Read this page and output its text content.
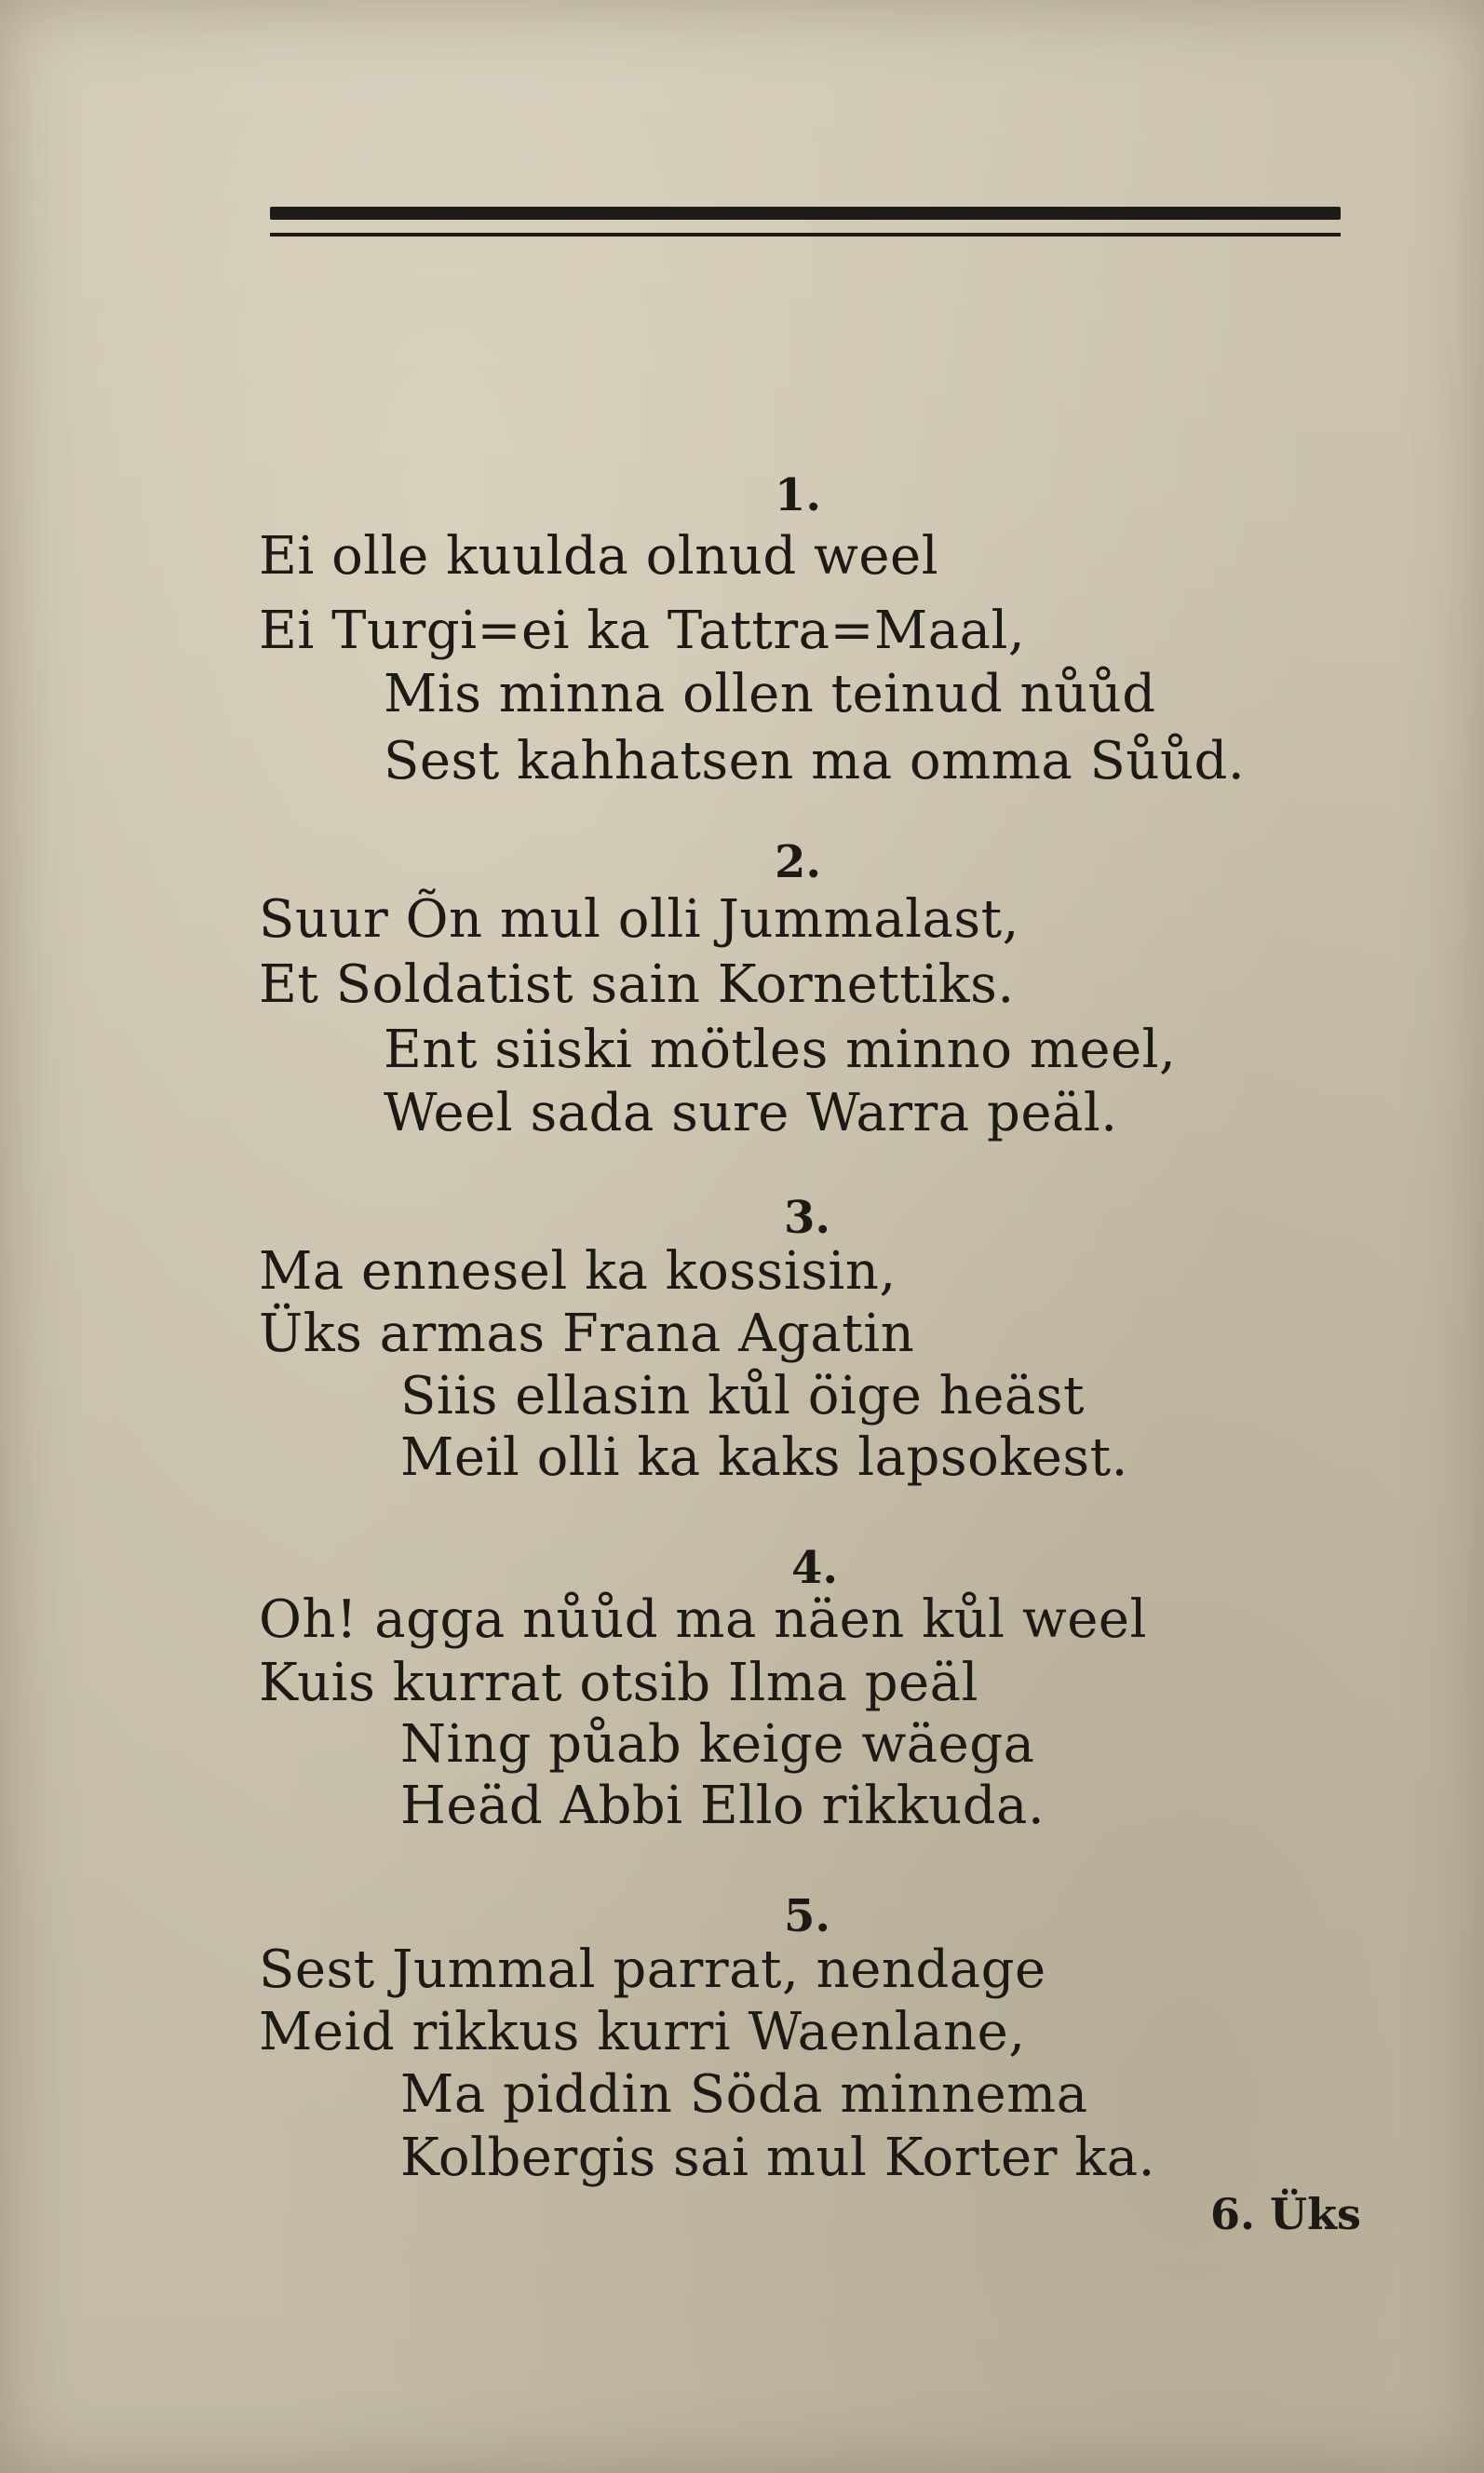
1.
Ei olle kuulda olnud weel
Ei Turgi=ei ka Tattra=Maal,
Mis minna ollen teinud nůůd
Sest kahhatsen ma omma Sůůd.
2.
Suur Õn mul olli Jummalast,
Et Soldatist sain Kornettiks.
Ent siiski mötles minno meel,
Weel sada sure Warra peäl.
3.
Ma ennesel ka kossisin,
Üks armas Frana Agatin
Siis ellasin kůl öige heäst
Meil olli ka kaks lapsokest.
4.
Oh! agga nůůd ma näen kůl weel
Kuis kurrat otsib Ilma peäl
Ning půab keige wäega
Heäd Abbi Ello rikkuda.
5.
Sest Jummal parrat, nendage
Meid rikkus kurri Waenlane,
Ma piddin Söda minnema
Kolbergis sai mul Korter ka.
6. Üks
